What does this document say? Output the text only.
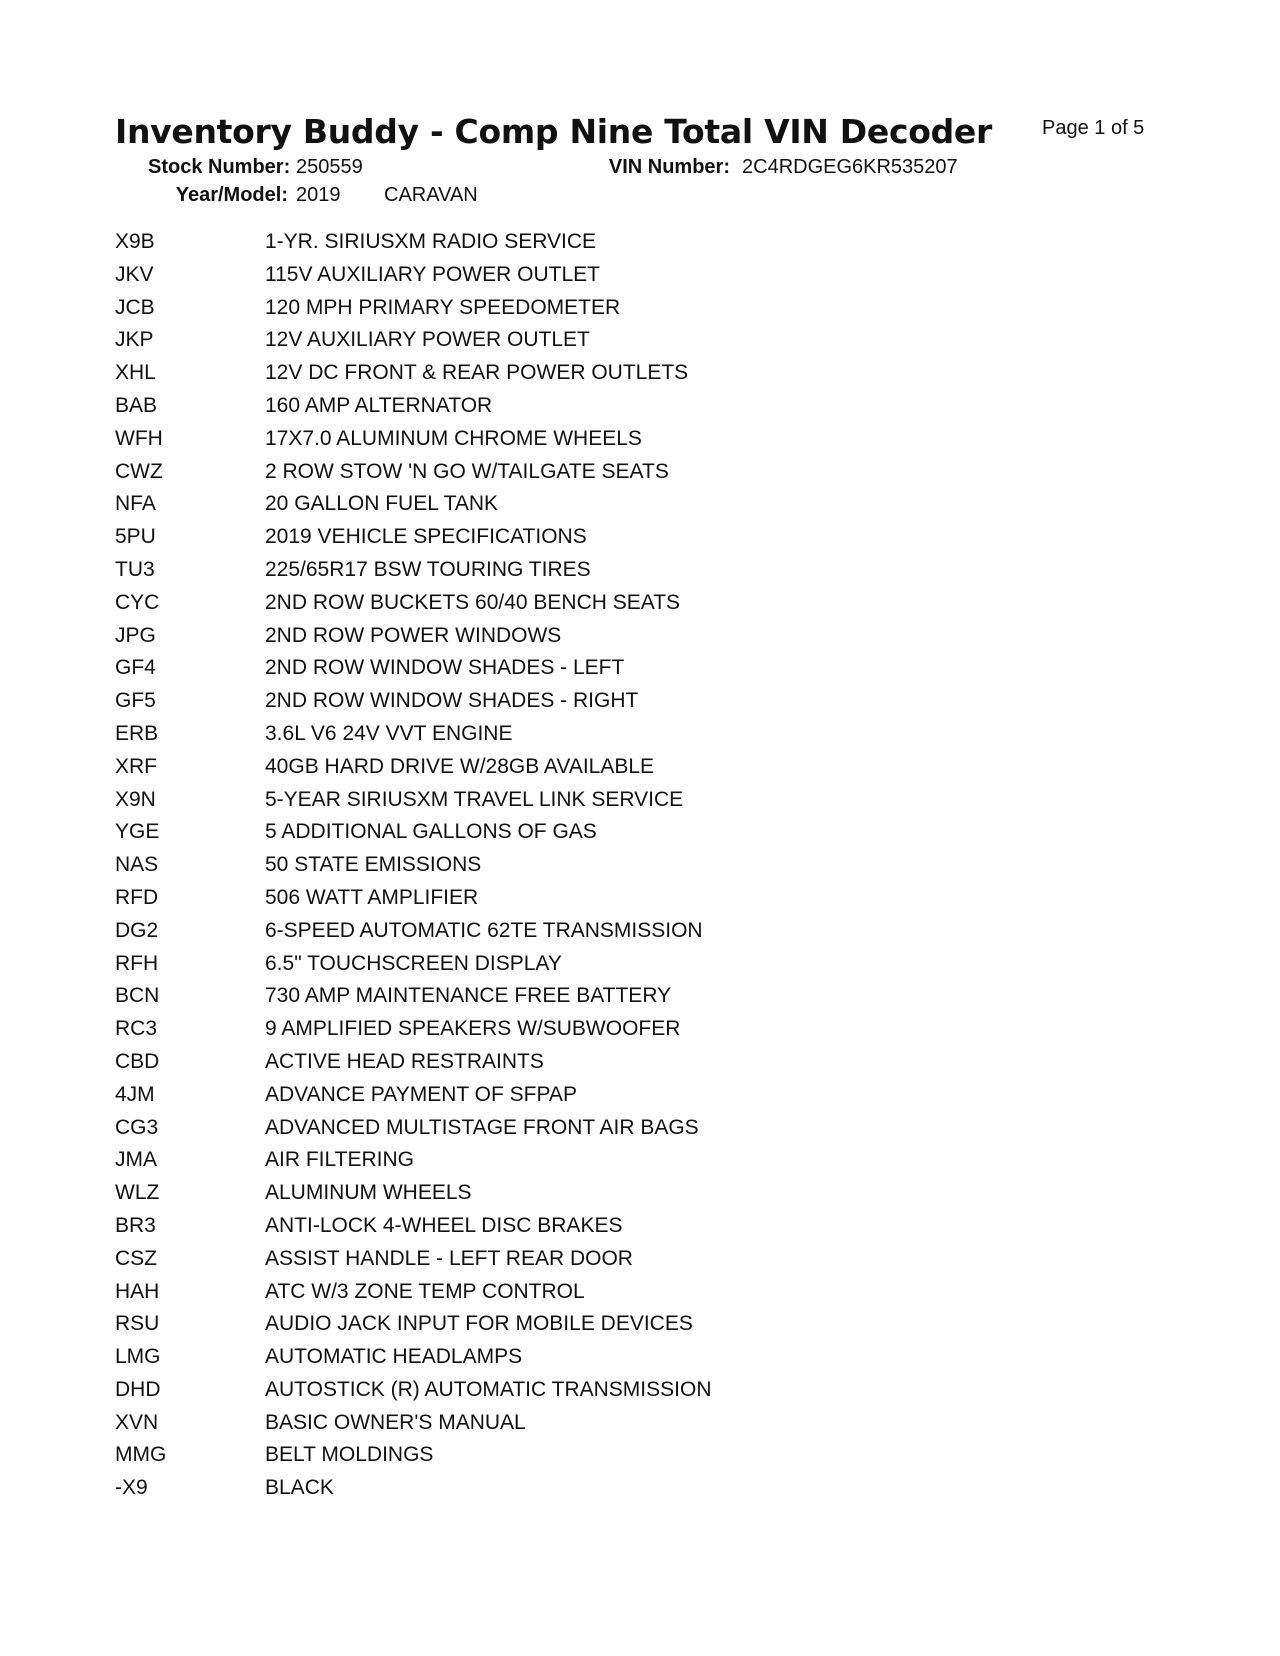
Inventory Buddy - Comp Nine Total VIN Decoder	Page 1 of 5
Stock Number: 250559
Year/Model: 2019 CARAVAN
VIN Number: 2C4RDGEG6KR535207
X9B	1-YR. SIRIUSXM RADIO SERVICE
JKV	115V AUXILIARY POWER OUTLET
JCB	120 MPH PRIMARY SPEEDOMETER
JKP	12V AUXILIARY POWER OUTLET
XHL	12V DC FRONT & REAR POWER OUTLETS
BAB	160 AMP ALTERNATOR
WFH	17X7.0 ALUMINUM CHROME WHEELS
CWZ	2 ROW STOW 'N GO W/TAILGATE SEATS
NFA	20 GALLON FUEL TANK
5PU	2019 VEHICLE SPECIFICATIONS
TU3	225/65R17 BSW TOURING TIRES
CYC	2ND ROW BUCKETS 60/40 BENCH SEATS
JPG	2ND ROW POWER WINDOWS
GF4	2ND ROW WINDOW SHADES - LEFT
GF5	2ND ROW WINDOW SHADES - RIGHT
ERB	3.6L V6 24V VVT ENGINE
XRF	40GB HARD DRIVE W/28GB AVAILABLE
X9N	5-YEAR SIRIUSXM TRAVEL LINK SERVICE
YGE	5 ADDITIONAL GALLONS OF GAS
NAS	50 STATE EMISSIONS
RFD	506 WATT AMPLIFIER
DG2	6-SPEED AUTOMATIC 62TE TRANSMISSION
RFH	6.5" TOUCHSCREEN DISPLAY
BCN	730 AMP MAINTENANCE FREE BATTERY
RC3	9 AMPLIFIED SPEAKERS W/SUBWOOFER
CBD	ACTIVE HEAD RESTRAINTS
4JM	ADVANCE PAYMENT OF SFPAP
CG3	ADVANCED MULTISTAGE FRONT AIR BAGS
JMA	AIR FILTERING
WLZ	ALUMINUM WHEELS
BR3	ANTI-LOCK 4-WHEEL DISC BRAKES
CSZ	ASSIST HANDLE - LEFT REAR DOOR
HAH	ATC W/3 ZONE TEMP CONTROL
RSU	AUDIO JACK INPUT FOR MOBILE DEVICES
LMG	AUTOMATIC HEADLAMPS
DHD	AUTOSTICK (R) AUTOMATIC TRANSMISSION
XVN	BASIC OWNER'S MANUAL
MMG	BELT MOLDINGS
-X9	BLACK
